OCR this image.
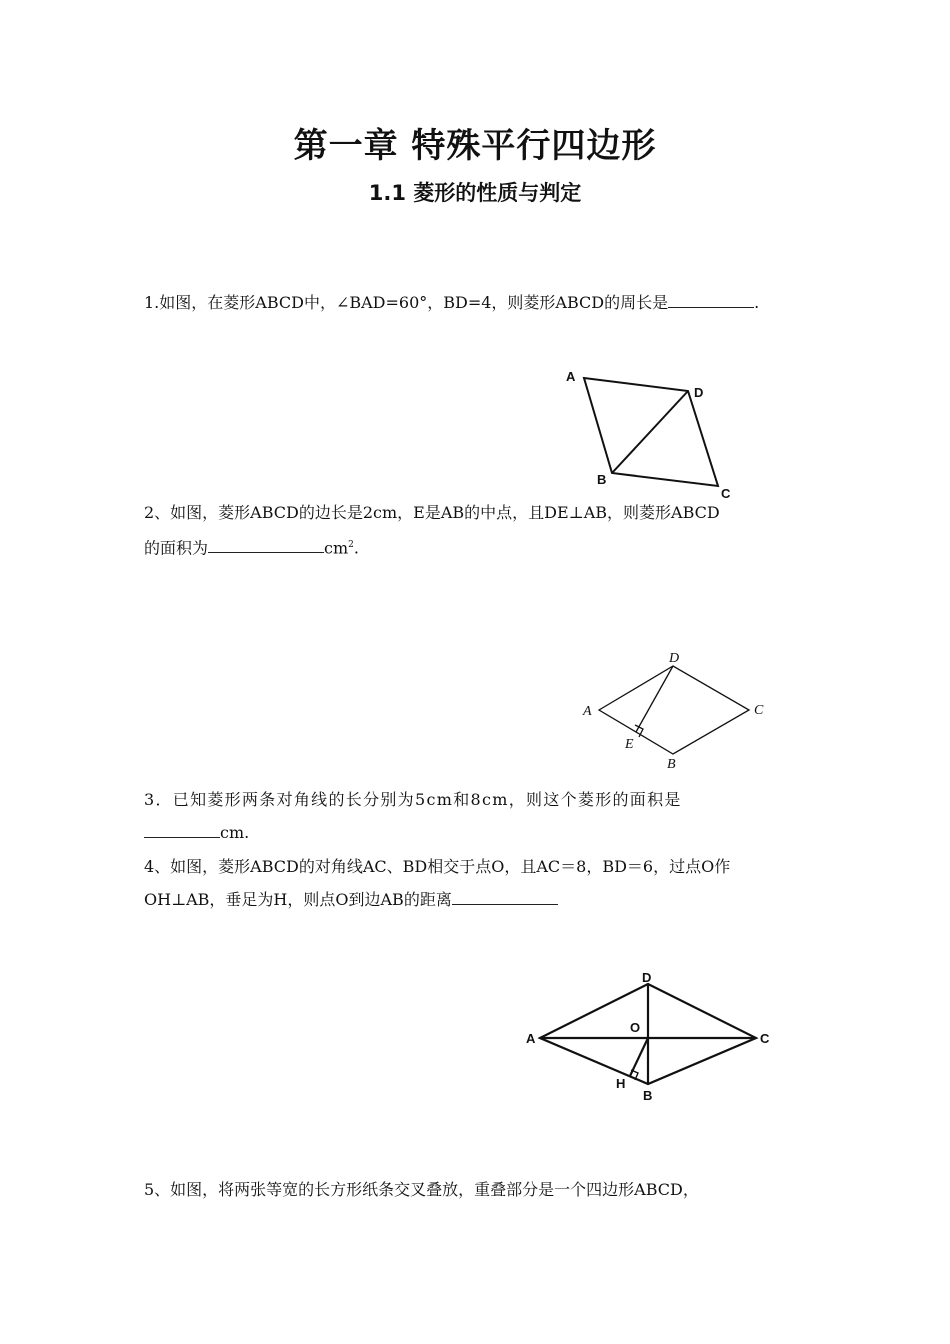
第一章 特殊平行四边形
1.1 菱形的性质与判定
1.如图，在菱形ABCD中，∠BAD=60°，BD=4，则菱形ABCD的周长是	.
A
D
B
C
2、如图，菱形ABCD的边长是2cm，E是AB的中点，且DE⊥AB，则菱形ABCD
的面积为	$cm^2$.
D
A	C
E
B
3．已知菱形两条对角线的长分别为5cm和8cm，则这个菱形的面积是
cm.
4、如图，菱形ABCD的对角线AC、BD相交于点O，且AC＝8，BD＝6，过点O作
OH⊥AB，垂足为H，则点O到边AB的距离
D
A
O
C
H
B
5、如图，将两张等宽的长方形纸条交叉叠放，重叠部分是一个四边形ABCD，
